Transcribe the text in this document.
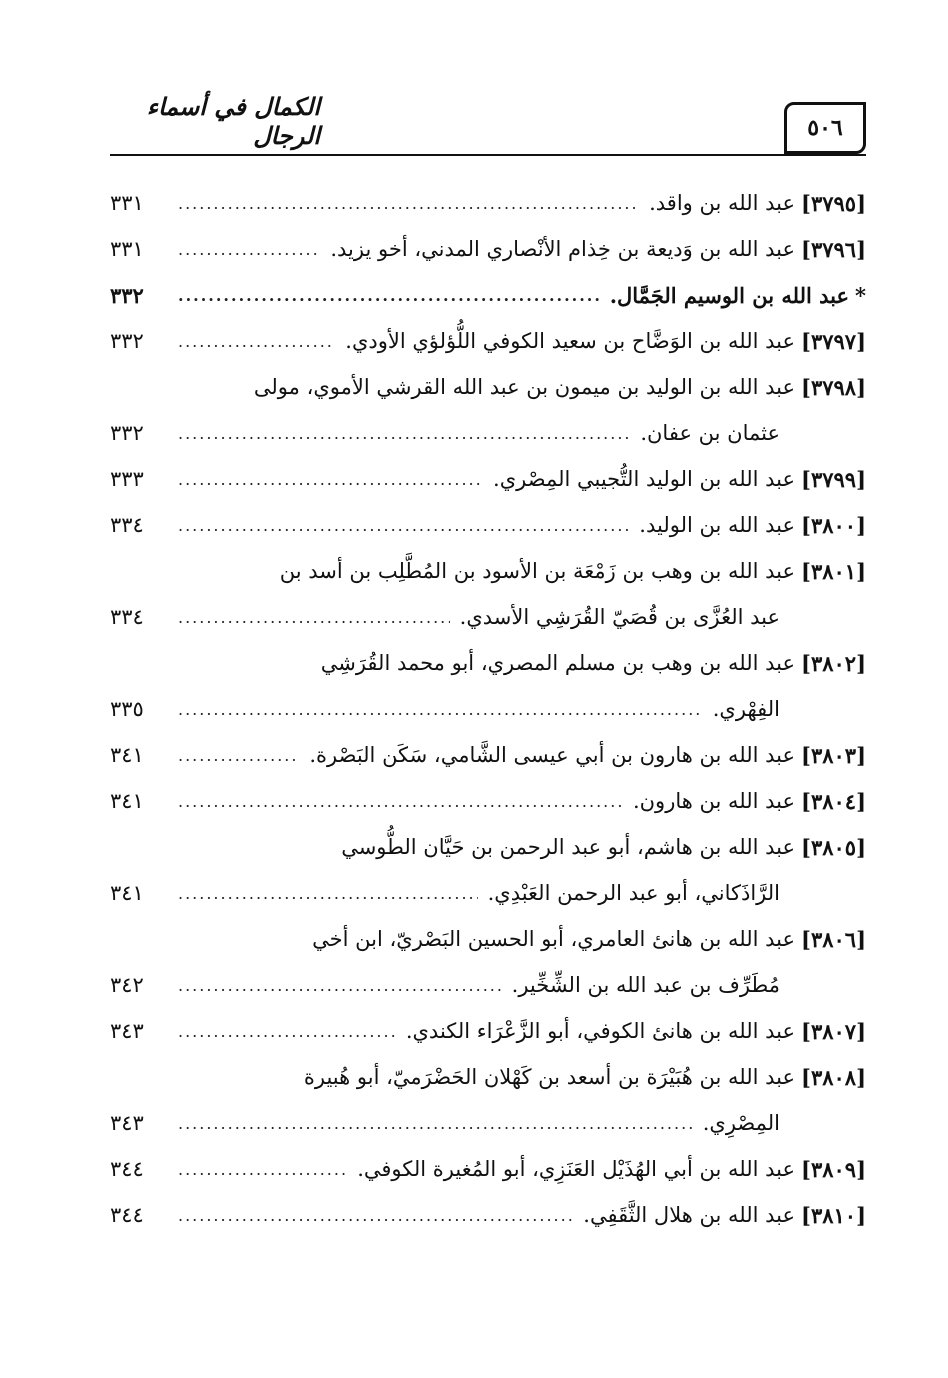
٥٠٦
الكمال في أسماء الرجال
[٣٧٩٥]
عبد الله بن واقد.
.....
٣٣١
[٣٧٩٦]
عبد الله بن وَديعة بن خِذام الأنْصاري المدني، أخو يزيد.
.....
٣٣١
*
عبد الله بن الوسيم الجَمَّال.
.....
٣٣٢
[٣٧٩٧]
عبد الله بن الوَضَّاح بن سعيد الكوفي اللُّؤلؤي الأودي.
.....
٣٣٢
[٣٧٩٨]
عبد الله بن الوليد بن ميمون بن عبد الله القرشي الأموي، مولى
عثمان بن عفان.
.....
٣٣٢
[٣٧٩٩]
عبد الله بن الوليد التُّجيبي المِصْري.
.....
٣٣٣
[٣٨٠٠]
عبد الله بن الوليد.
.....
٣٣٤
[٣٨٠١]
عبد الله بن وهب بن زَمْعَة بن الأسود بن المُطَّلِب بن أسد بن
عبد العُزَّى بن قُصَيّ القُرَشِي الأسدي.
.....
٣٣٤
[٣٨٠٢]
عبد الله بن وهب بن مسلم المصري، أبو محمد القُرَشِي
الفِهْري.
.....
٣٣٥
[٣٨٠٣]
عبد الله بن هارون بن أبي عيسى الشَّامي، سَكَن البَصْرة.
.....
٣٤١
[٣٨٠٤]
عبد الله بن هارون.
.....
٣٤١
[٣٨٠٥]
عبد الله بن هاشم، أبو عبد الرحمن بن حَيَّان الطُّوسي
الرَّاذَكاني، أبو عبد الرحمن العَبْدِي.
.....
٣٤١
[٣٨٠٦]
عبد الله بن هانئ العامري، أبو الحسين البَصْريّ، ابن أخي
مُطَرِّف بن عبد الله بن الشِّخِّير.
.....
٣٤٢
[٣٨٠٧]
عبد الله بن هانئ الكوفي، أبو الزَّعْرَاء الكندي.
.....
٣٤٣
[٣٨٠٨]
عبد الله بن هُبَيْرَة بن أسعد بن كَهْلان الحَضْرَميّ، أبو هُبيرة
المِصْرِي.
.....
٣٤٣
[٣٨٠٩]
عبد الله بن أبي الهُذَيْل العَنَزِي، أبو المُغيرة الكوفي.
.....
٣٤٤
[٣٨١٠]
عبد الله بن هلال الثَّقَفِي.
.....
٣٤٤
